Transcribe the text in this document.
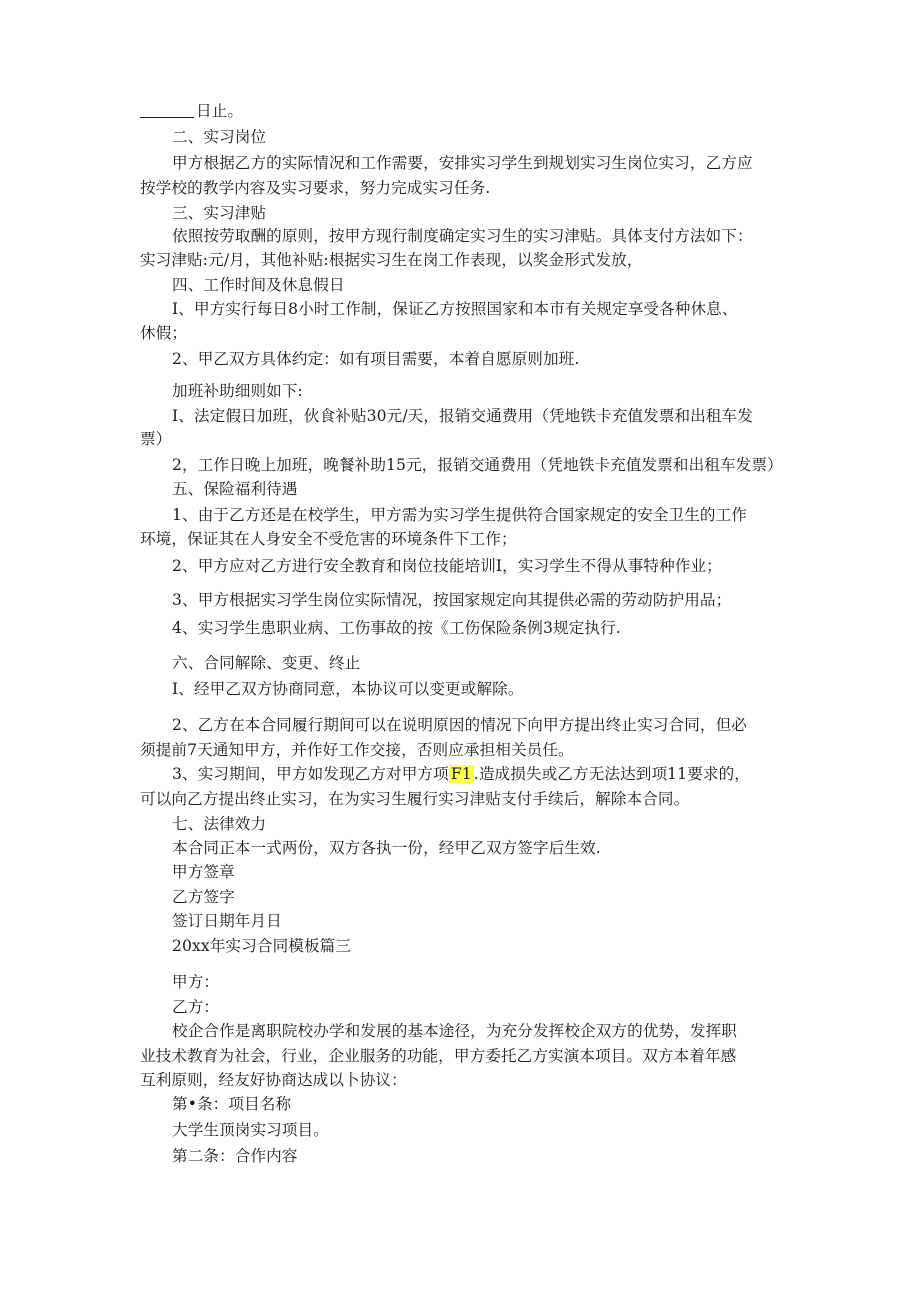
日止。
二、实习岗位
甲方根据乙方的实际情况和工作需要，安排实习学生到规划实习生岗位实习，乙方应
按学校的教学内容及实习要求，努力完成实习任务.
三、实习津贴
依照按劳取酬的原则，按甲方现行制度确定实习生的实习津贴。具体支付方法如下：
实习津贴:元/月，其他补贴:根据实习生在岗工作表现，以奖金形式发放，
四、工作时间及休息假日
I、甲方实行每日8小时工作制，保证乙方按照国家和本市有关规定享受各种休息、
休假；
2、甲乙双方具体约定：如有项目需要，本着自愿原则加班.
加班补助细则如下:
I、法定假日加班，伙食补贴30元/天，报销交通费用（凭地铁卡充值发票和出租车发
票）
2，工作日晚上加班，晚餐补助15元，报销交通费用（凭地铁卡充值发票和出租车发票）
五、保险福利待遇
1、由于乙方还是在校学生，甲方需为实习学生提供符合国家规定的安全卫生的工作
环境，保证其在人身安全不受危害的环境条件下工作；
2、甲方应对乙方进行安全教育和岗位技能培训I，实习学生不得从事特种作业；
3、甲方根据实习学生岗位实际情况，按国家规定向其提供必需的劳动防护用品；
4、实习学生患职业病、工伤事故的按《工伤保险条例3规定执行.
六、合同解除、变更、终止
I、经甲乙双方协商同意，本协议可以变更或解除。
2、乙方在本合同履行期间可以在说明原因的情况下向甲方提出终止实习合同，但必
须提前7天通知甲方，并作好工作交接，否则应承担相关员任。
3、实习期间，甲方如发现乙方对甲方项 F1 .造成损失或乙方无法达到项11要求的，
可以向乙方提出终止实习，在为实习生履行实习津贴支付手续后，解除本合同。
七、法律效力
本合同正本一式两份，双方各执一份，经甲乙双方签字后生效.
甲方签章
乙方签字
签订日期年月日
20xx年实习合同模板篇三
甲方：
乙方：
校企合作是离职院校办学和发展的基本途径，为充分发挥校企双方的优势，发挥职
业技术教育为社会，行业，企业服务的功能，甲方委托乙方实演本项目。双方本着年感
互利原则，经友好协商达成以卜协议：
第•条：项目名称
大学生顶岗实习项目。
第二条：合作内容
